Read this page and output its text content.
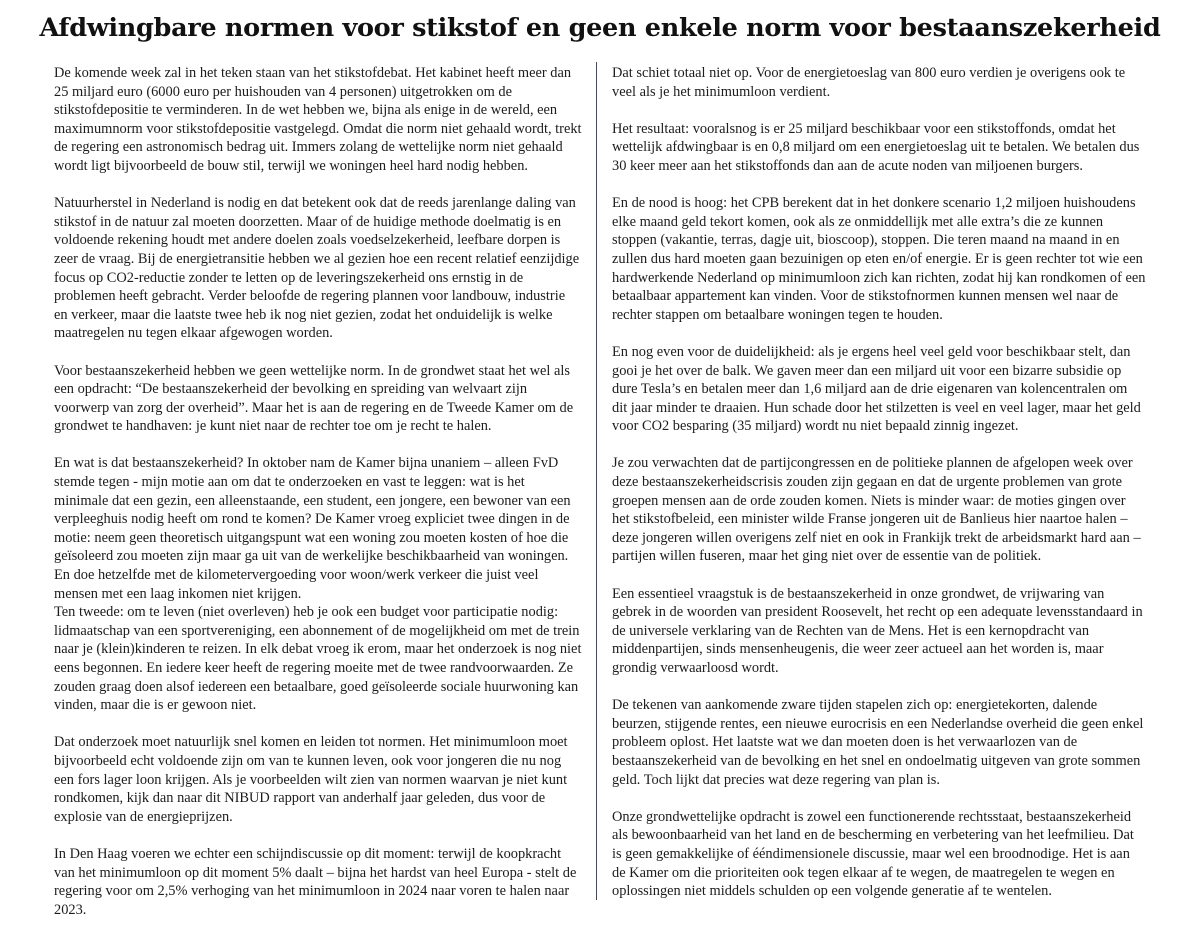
Afdwingbare normen voor stikstof en geen enkele norm voor bestaanszekerheid

De komende week zal in het teken staan van het stikstofdebat. Het kabinet heeft meer dan 25 miljard euro (6000 euro per huishouden van 4 personen) uitgetrokken om de stikstofdepositie te verminderen. In de wet hebben we, bijna als enige in de wereld, een maximumnorm voor stikstofdepositie vastgelegd. Omdat die norm niet gehaald wordt, trekt de regering een astronomisch bedrag uit. Immers zolang de wettelijke norm niet gehaald wordt ligt bijvoorbeeld de bouw stil, terwijl we woningen heel hard nodig hebben.

Natuurherstel in Nederland is nodig en dat betekent ook dat de reeds jarenlange daling van stikstof in de natuur zal moeten doorzetten. Maar of de huidige methode doelmatig is en voldoende rekening houdt met andere doelen zoals voedselzekerheid, leefbare dorpen is zeer de vraag. Bij de energietransitie hebben we al gezien hoe een recent relatief eenzijdige focus op CO2-reductie zonder te letten op de leveringszekerheid ons ernstig in de problemen heeft gebracht. Verder beloofde de regering plannen voor landbouw, industrie en verkeer, maar die laatste twee heb ik nog niet gezien, zodat het onduidelijk is welke maatregelen nu tegen elkaar afgewogen worden.

Voor bestaanszekerheid hebben we geen wettelijke norm. In de grondwet staat het wel als een opdracht: “De bestaanszekerheid der bevolking en spreiding van welvaart zijn voorwerp van zorg der overheid”. Maar het is aan de regering en de Tweede Kamer om de grondwet te handhaven: je kunt niet naar de rechter toe om je recht te halen.

En wat is dat bestaanszekerheid? In oktober nam de Kamer bijna unaniem – alleen FvD stemde tegen - mijn motie aan om dat te onderzoeken en vast te leggen: wat is het minimale dat een gezin, een alleenstaande, een student, een jongere, een bewoner van een verpleeghuis nodig heeft om rond te komen? De Kamer vroeg expliciet twee dingen in de motie: neem geen theoretisch uitgangspunt wat een woning zou moeten kosten of hoe die geïsoleerd zou moeten zijn maar ga uit van de werkelijke beschikbaarheid van woningen. En doe hetzelfde met de kilometervergoeding voor woon/werk verkeer die juist veel mensen met een laag inkomen niet krijgen.

Ten tweede: om te leven (niet overleven) heb je ook een budget voor participatie nodig: lidmaatschap van een sportvereniging, een abonnement of de mogelijkheid om met de trein naar je (klein)kinderen te reizen. In elk debat vroeg ik erom, maar het onderzoek is nog niet eens begonnen. En iedere keer heeft de regering moeite met de twee randvoorwaarden. Ze zouden graag doen alsof iedereen een betaalbare, goed geïsoleerde sociale huurwoning kan vinden, maar die is er gewoon niet.

Dat onderzoek moet natuurlijk snel komen en leiden tot normen. Het minimumloon moet bijvoorbeeld echt voldoende zijn om van te kunnen leven, ook voor jongeren die nu nog een fors lager loon krijgen. Als je voorbeelden wilt zien van normen waarvan je niet kunt rondkomen, kijk dan naar dit NIBUD rapport van anderhalf jaar geleden, dus voor de explosie van de energieprijzen.

In Den Haag voeren we echter een schijndiscussie op dit moment: terwijl de koopkracht van het minimumloon op dit moment 5% daalt – bijna het hardst van heel Europa - stelt de regering voor om 2,5% verhoging van het minimumloon in 2024 naar voren te halen naar 2023.

Dat schiet totaal niet op. Voor de energietoeslag van 800 euro verdien je overigens ook te veel als je het minimumloon verdient.

Het resultaat: vooralsnog is er 25 miljard beschikbaar voor een stikstoffonds, omdat het wettelijk afdwingbaar is en 0,8 miljard om een energietoeslag uit te betalen. We betalen dus 30 keer meer aan het stikstoffonds dan aan de acute noden van miljoenen burgers.

En de nood is hoog: het CPB berekent dat in het donkere scenario 1,2 miljoen huishoudens elke maand geld tekort komen, ook als ze onmiddellijk met alle extra’s die ze kunnen stoppen (vakantie, terras, dagje uit, bioscoop), stoppen. Die teren maand na maand in en zullen dus hard moeten gaan bezuinigen op eten en/of energie. Er is geen rechter tot wie een hardwerkende Nederland op minimumloon zich kan richten, zodat hij kan rondkomen of een betaalbaar appartement kan vinden. Voor de stikstofnormen kunnen mensen wel naar de rechter stappen om betaalbare woningen tegen te houden.

En nog even voor de duidelijkheid: als je ergens heel veel geld voor beschikbaar stelt, dan gooi je het over de balk. We gaven meer dan een miljard uit voor een bizarre subsidie op dure Tesla’s en betalen meer dan 1,6 miljard aan de drie eigenaren van kolencentralen om dit jaar minder te draaien. Hun schade door het stilzetten is veel en veel lager, maar het geld voor CO2 besparing (35 miljard) wordt nu niet bepaald zinnig ingezet.

Je zou verwachten dat de partijcongressen en de politieke plannen de afgelopen week over deze bestaanszekerheidscrisis zouden zijn gegaan en dat de urgente problemen van grote groepen mensen aan de orde zouden komen. Niets is minder waar: de moties gingen over het stikstofbeleid, een minister wilde Franse jongeren uit de Banlieus hier naartoe halen – deze jongeren willen overigens zelf niet en ook in Frankijk trekt de arbeidsmarkt hard aan – partijen willen fuseren, maar het ging niet over de essentie van de politiek.

Een essentieel vraagstuk is de bestaanszekerheid in onze grondwet, de vrijwaring van gebrek in de woorden van president Roosevelt, het recht op een adequate levensstandaard in de universele verklaring van de Rechten van de Mens. Het is een kernopdracht van middenpartijen, sinds mensenheugenis, die weer zeer actueel aan het worden is, maar grondig verwaarloosd wordt.

De tekenen van aankomende zware tijden stapelen zich op: energietekorten, dalende beurzen, stijgende rentes, een nieuwe eurocrisis en een Nederlandse overheid die geen enkel probleem oplost. Het laatste wat we dan moeten doen is het verwaarlozen van de bestaanszekerheid van de bevolking en het snel en ondoelmatig uitgeven van grote sommen geld. Toch lijkt dat precies wat deze regering van plan is.

Onze grondwettelijke opdracht is zowel een functionerende rechtsstaat, bestaanszekerheid als bewoonbaarheid van het land en de bescherming en verbetering van het leefmilieu. Dat is geen gemakkelijke of ééndimensionele discussie, maar wel een broodnodige. Het is aan de Kamer om die prioriteiten ook tegen elkaar af te wegen, de maatregelen te wegen en oplossingen niet middels schulden op een volgende generatie af te wentelen.
